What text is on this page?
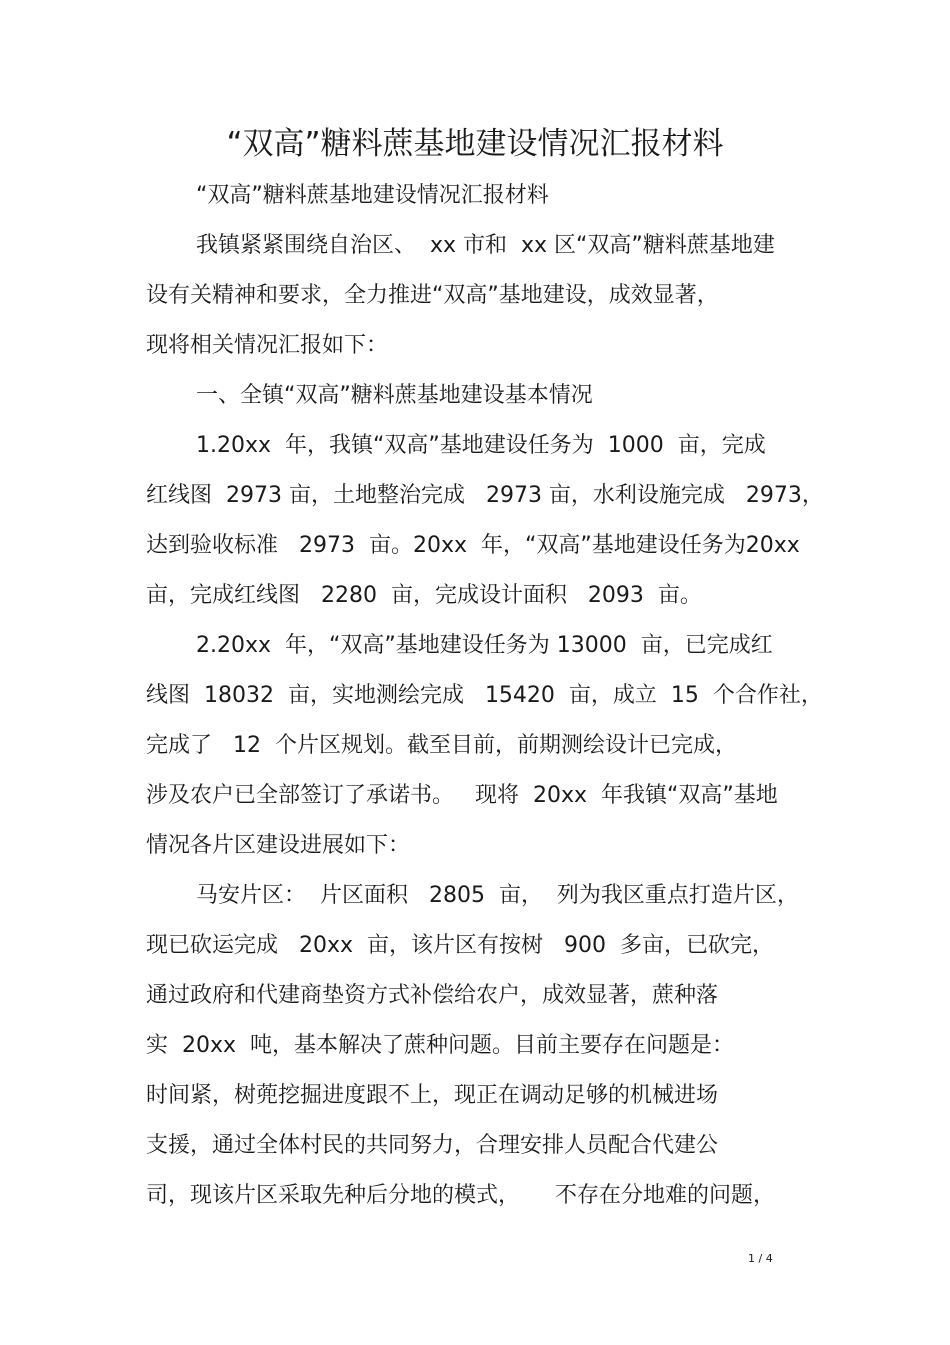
“双高”糖料蔗基地建设情况汇报材料
“双高”糖料蔗基地建设情况汇报材料
我镇紧紧围绕自治区、  xx 市和  xx 区“双高”糖料蔗基地建
设有关精神和要求，全力推进“双高”基地建设，成效显著，
现将相关情况汇报如下：
一、全镇“双高”糖料蔗基地建设基本情况
1.20xx  年，我镇“双高”基地建设任务为  1000  亩，完成
红线图  2973 亩，土地整治完成   2973 亩，水利设施完成   2973，
达到验收标准   2973  亩。20xx  年，“双高”基地建设任务为20xx
亩，完成红线图   2280  亩，完成设计面积   2093  亩。
2.20xx  年，“双高”基地建设任务为 13000  亩，已完成红
线图  18032  亩，实地测绘完成   15420  亩，成立  15  个合作社，
完成了   12  个片区规划。截至目前，前期测绘设计已完成，
涉及农户已全部签订了承诺书。   现将  20xx  年我镇“双高”基地
情况各片区建设进展如下：
马安片区：  片区面积   2805  亩，  列为我区重点打造片区，
现已砍运完成   20xx  亩，该片区有按树   900  多亩，已砍完，
通过政府和代建商垫资方式补偿给农户，成效显著，蔗种落
实  20xx  吨，基本解决了蔗种问题。目前主要存在问题是：
时间紧，树蔸挖掘进度跟不上，现正在调动足够的机械进场
支援，通过全体村民的共同努力，合理安排人员配合代建公
司，现该片区采取先种后分地的模式，     不存在分地难的问题，
1 / 4
